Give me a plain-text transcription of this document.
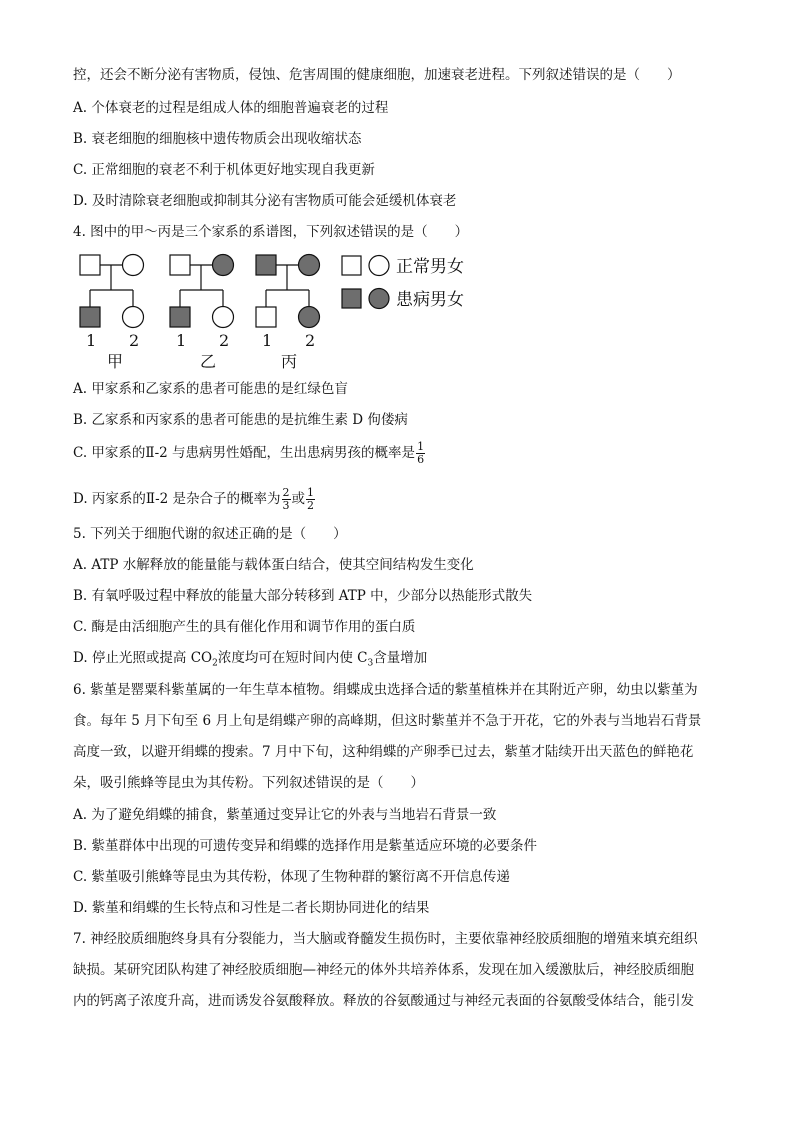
控，还会不断分泌有害物质，侵蚀、危害周围的健康细胞，加速衰老进程。下列叙述错误的是（　　）
A. 个体衰老的过程是组成人体的细胞普遍衰老的过程
B. 衰老细胞的细胞核中遗传物质会出现收缩状态
C. 正常细胞的衰老不利于机体更好地实现自我更新
D. 及时清除衰老细胞或抑制其分泌有害物质可能会延缓机体衰老
4. 图中的甲～丙是三个家系的系谱图，下列叙述错误的是（　　）
正常男女
患病男女
1 2
甲
1 2
乙
1 2
丙
A. 甲家系和乙家系的患者可能患的是红绿色盲
B. 乙家系和丙家系的患者可能患的是抗维生素 D 佝偻病
C. 甲家系的Ⅱ-2 与患病男性婚配，生出患病男孩的概率是 $\frac{1}{6}$
D. 丙家系的Ⅱ-2 是杂合子的概率为 $\frac{2}{3}$ 或 $\frac{1}{2}$
5. 下列关于细胞代谢的叙述正确的是（　　）
A. ATP 水解释放的能量能与载体蛋白结合，使其空间结构发生变化
B. 有氧呼吸过程中释放的能量大部分转移到 ATP 中，少部分以热能形式散失
C. 酶是由活细胞产生的具有催化作用和调节作用的蛋白质
D. 停止光照或提高 $CO_2$浓度均可在短时间内使 $C_3$含量增加
6. 紫堇是罂粟科紫堇属的一年生草本植物。绢蝶成虫选择合适的紫堇植株并在其附近产卵，幼虫以紫堇为
食。每年 5 月下旬至 6 月上旬是绢蝶产卵的高峰期，但这时紫堇并不急于开花，它的外表与当地岩石背景
高度一致，以避开绢蝶的搜索。7 月中下旬，这种绢蝶的产卵季已过去，紫堇才陆续开出天蓝色的鲜艳花
朵，吸引熊蜂等昆虫为其传粉。下列叙述错误的是（　　）
A. 为了避免绢蝶的捕食，紫堇通过变异让它的外表与当地岩石背景一致
B. 紫堇群体中出现的可遗传变异和绢蝶的选择作用是紫堇适应环境的必要条件
C. 紫堇吸引熊蜂等昆虫为其传粉，体现了生物种群的繁衍离不开信息传递
D. 紫堇和绢蝶的生长特点和习性是二者长期协同进化的结果
7. 神经胶质细胞终身具有分裂能力，当大脑或脊髓发生损伤时，主要依靠神经胶质细胞的增殖来填充组织
缺损。某研究团队构建了神经胶质细胞—神经元的体外共培养体系，发现在加入缓激肽后，神经胶质细胞
内的钙离子浓度升高，进而诱发谷氨酸释放。释放的谷氨酸通过与神经元表面的谷氨酸受体结合，能引发
